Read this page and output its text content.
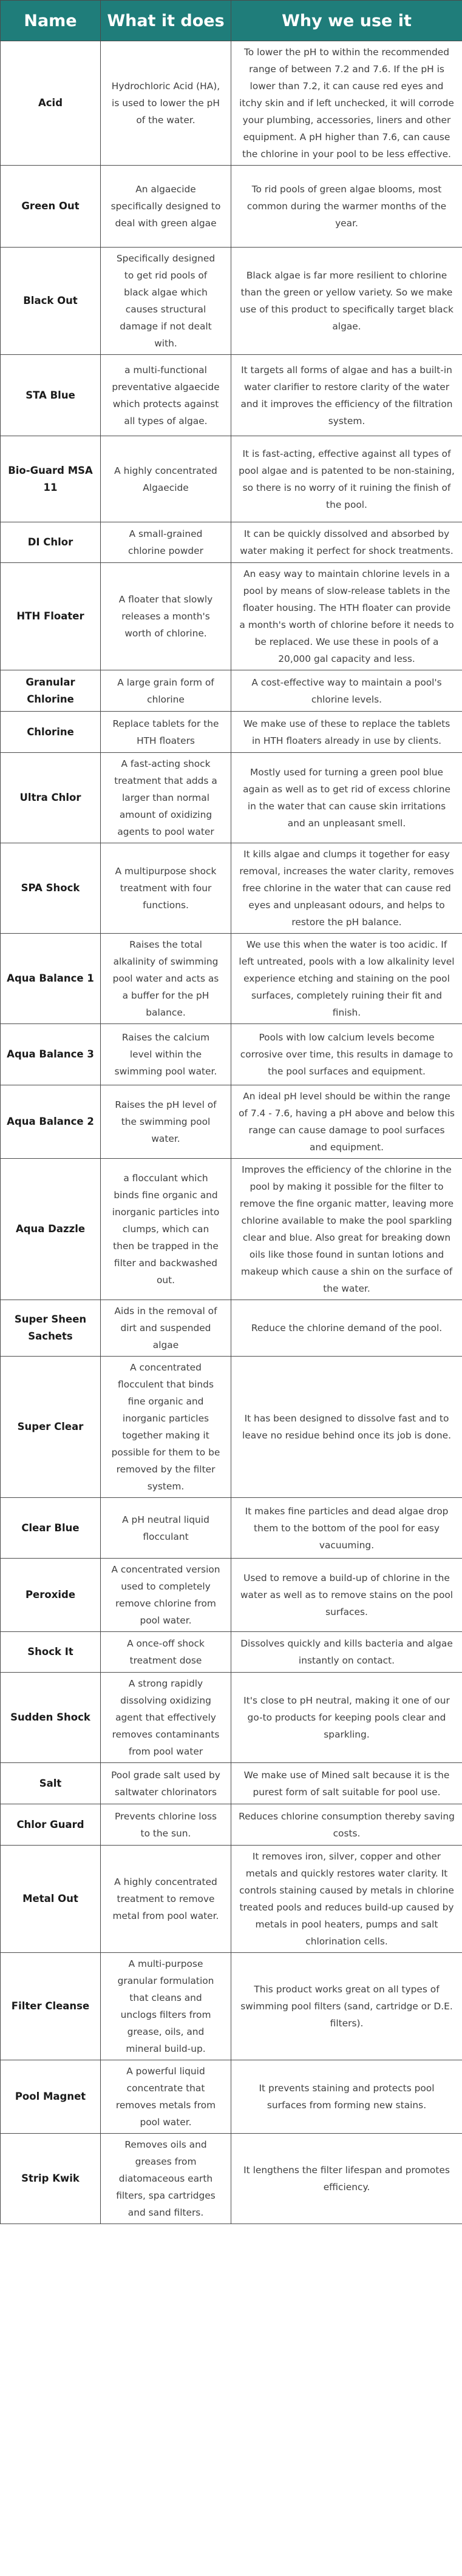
Name	What it does	Why we use it
Acid	Hydrochloric Acid (HA), is used to lower the pH of the water.	To lower the pH to within the recommended range of between 7.2 and 7.6. If the pH is lower than 7.2, it can cause red eyes and itchy skin and if left unchecked, it will corrode your plumbing, accessories, liners and other equipment. A pH higher than 7.6, can cause the chlorine in your pool to be less effective.
Green Out	An algaecide specifically designed to deal with green algae	To rid pools of green algae blooms, most common during the warmer months of the year.
Black Out	Specifically designed to get rid pools of black algae which causes structural damage if not dealt with.	Black algae is far more resilient to chlorine than the green or yellow variety. So we make use of this product to specifically target black algae.
STA Blue	a multi-functional preventative algaecide which protects against all types of algae.	It targets all forms of algae and has a built-in water clarifier to restore clarity of the water and it improves the efficiency of the filtration system.
Bio-Guard MSA 11	A highly concentrated Algaecide	It is fast-acting, effective against all types of pool algae and is patented to be non-staining, so there is no worry of it ruining the finish of the pool.
DI Chlor	A small-grained chlorine powder	It can be quickly dissolved and absorbed by water making it perfect for shock treatments.
HTH Floater	A floater that slowly releases a month's worth of chlorine.	An easy way to maintain chlorine levels in a pool by means of slow-release tablets in the floater housing. The HTH floater can provide a month's worth of chlorine before it needs to be replaced. We use these in pools of a 20,000 gal capacity and less.
Granular Chlorine	A large grain form of chlorine	A cost-effective way to maintain a pool's chlorine levels.
Chlorine	Replace tablets for the HTH floaters	We make use of these to replace the tablets in HTH floaters already in use by clients.
Ultra Chlor	A fast-acting shock treatment that adds a larger than normal amount of oxidizing agents to pool water	Mostly used for turning a green pool blue again as well as to get rid of excess chlorine in the water that can cause skin irritations and an unpleasant smell.
SPA Shock	A multipurpose shock treatment with four functions.	It kills algae and clumps it together for easy removal, increases the water clarity, removes free chlorine in the water that can cause red eyes and unpleasant odours, and helps to restore the pH balance.
Aqua Balance 1	Raises the total alkalinity of swimming pool water and acts as a buffer for the pH balance.	We use this when the water is too acidic. If left untreated, pools with a low alkalinity level experience etching and staining on the pool surfaces, completely ruining their fit and finish.
Aqua Balance 3	Raises the calcium level within the swimming pool water.	Pools with low calcium levels become corrosive over time, this results in damage to the pool surfaces and equipment.
Aqua Balance 2	Raises the pH level of the swimming pool water.	An ideal pH level should be within the range of 7.4 - 7.6, having a pH above and below this range can cause damage to pool surfaces and equipment.
Aqua Dazzle	a flocculant which binds fine organic and inorganic particles into clumps, which can then be trapped in the filter and backwashed out.	Improves the efficiency of the chlorine in the pool by making it possible for the filter to remove the fine organic matter, leaving more chlorine available to make the pool sparkling clear and blue. Also great for breaking down oils like those found in suntan lotions and makeup which cause a shin on the surface of the water.
Super Sheen Sachets	Aids in the removal of dirt and suspended algae	Reduce the chlorine demand of the pool.
Super Clear	A concentrated flocculent that binds fine organic and inorganic particles together making it possible for them to be removed by the filter system.	It has been designed to dissolve fast and to leave no residue behind once its job is done.
Clear Blue	A pH neutral liquid flocculant	It makes fine particles and dead algae drop them to the bottom of the pool for easy vacuuming.
Peroxide	A concentrated version used to completely remove chlorine from pool water.	Used to remove a build-up of chlorine in the water as well as to remove stains on the pool surfaces.
Shock It	A once-off shock treatment dose	Dissolves quickly and kills bacteria and algae instantly on contact.
Sudden Shock	A strong rapidly dissolving oxidizing agent that effectively removes contaminants from pool water	It's close to pH neutral, making it one of our go-to products for keeping pools clear and sparkling.
Salt	Pool grade salt used by saltwater chlorinators	We make use of Mined salt because it is the purest form of salt suitable for pool use.
Chlor Guard	Prevents chlorine loss to the sun.	Reduces chlorine consumption thereby saving costs.
Metal Out	A highly concentrated treatment to remove metal from pool water.	It removes iron, silver, copper and other metals and quickly restores water clarity. It controls staining caused by metals in chlorine treated pools and reduces build-up caused by metals in pool heaters, pumps and salt chlorination cells.
Filter Cleanse	A multi-purpose granular formulation that cleans and unclogs filters from grease, oils, and mineral build-up.	This product works great on all types of swimming pool filters (sand, cartridge or D.E. filters).
Pool Magnet	A powerful liquid concentrate that removes metals from pool water.	It prevents staining and protects pool surfaces from forming new stains.
Strip Kwik	Removes oils and greases from diatomaceous earth filters, spa cartridges and sand filters.	It lengthens the filter lifespan and promotes efficiency.
